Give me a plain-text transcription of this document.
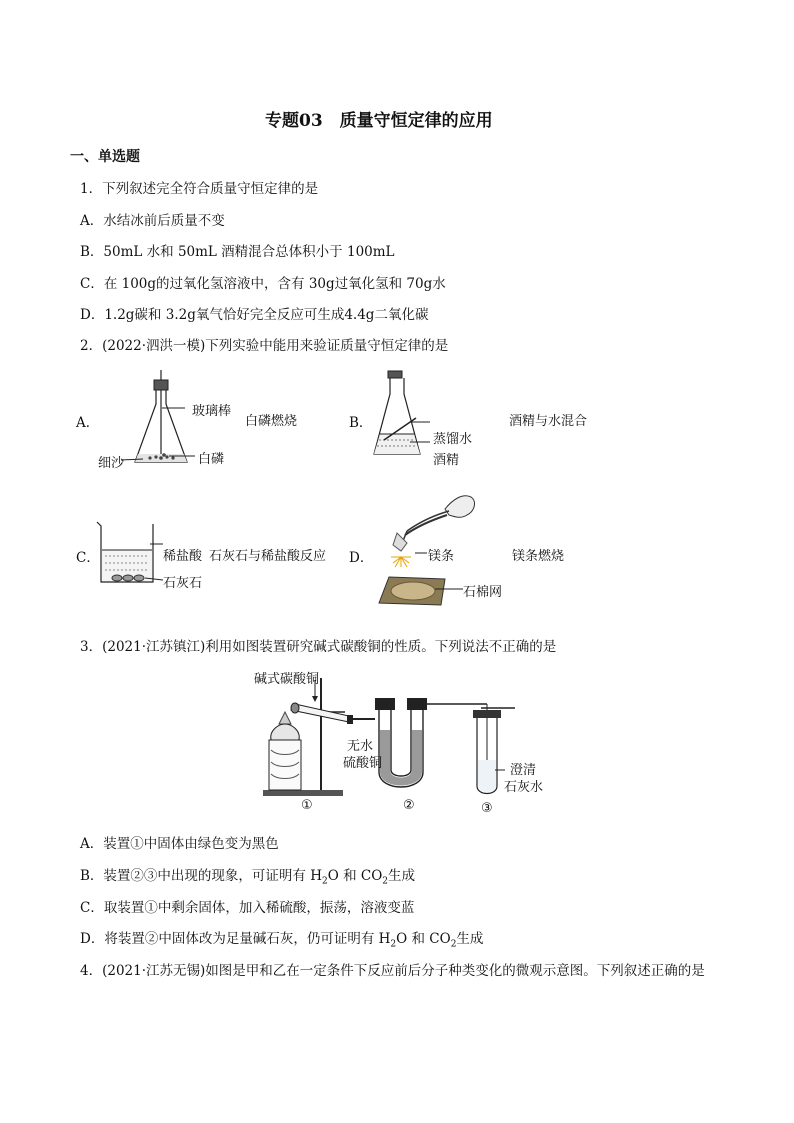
专题03　质量守恒定律的应用
一、单选题
1．下列叙述完全符合质量守恒定律的是
A．水结冰前后质量不变
B．50mL 水和 50mL 酒精混合总体积小于 100mL
C．在 100g的过氧化氢溶液中，含有 30g过氧化氢和 70g水
D．1.2g碳和 3.2g氧气恰好完全反应可生成4.4g二氧化碳
2．(2022·泗洪一模)下列实验中能用来验证质量守恒定律的是
A．
玻璃棒
白磷
细沙
白磷燃烧	B．
蒸馏水
酒精
酒精与水混合
C．	稀盐酸
石灰石
石灰石与稀盐酸反应 D．	镁条
石棉网
镁条燃烧
3．(2021·江苏镇江)利用如图装置研究碱式碳酸铜的性质。下列说法不正确的是
碱式碳酸铜
无水
硫酸铜	澄清
石灰水
①	②	③
A．装置①中固体由绿色变为黑色
B．装置②③中出现的现象，可证明有 $H_2O$ 和 $CO_2$生成
C．取装置①中剩余固体，加入稀硫酸，振荡，溶液变蓝
D．将装置②中固体改为足量碱石灰，仍可证明有 $H_2O$ 和 $CO_2$生成
4．(2021·江苏无锡)如图是甲和乙在一定条件下反应前后分子种类变化的微观示意图。下列叙述正确的是
